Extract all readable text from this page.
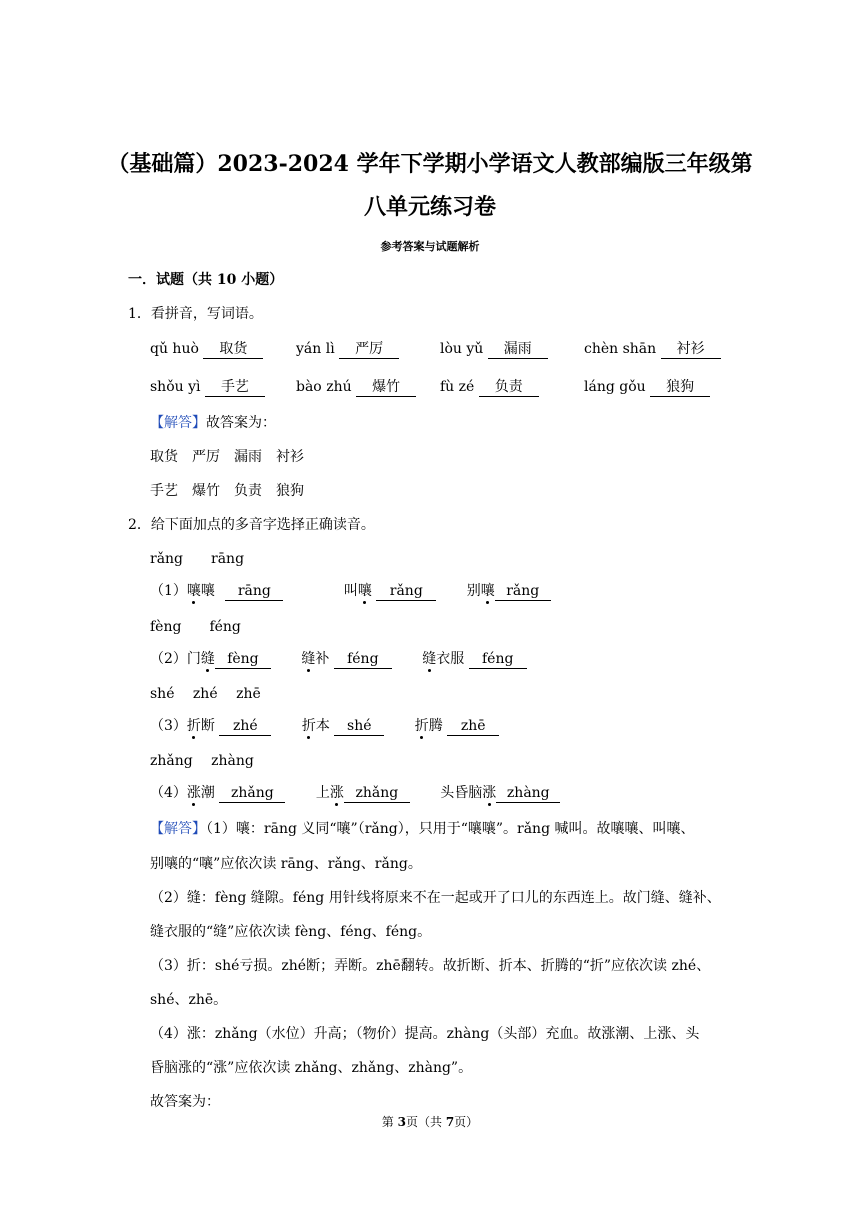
（基础篇）2023-2024 学年下学期小学语文人教部编版三年级第
八单元练习卷
参考答案与试题解析
一．试题（共 10 小题）
1．看拼音，写词语。
qǔ huò 取货	yán lì 严厉	lòu yǔ 漏雨	chèn shān 衬衫
shǒu yì 手艺	bào zhú 爆竹	fù zé 负责	láng gǒu 狼狗
【解答】故答案为：
取货　严厉　漏雨　衬衫
手艺　爆竹　负责　狼狗
2．给下面加点的多音字选择正确读音。
rǎng　　rāng
（1）嚷嚷 rāng	叫嚷 rǎng	别嚷 rǎng
fèng　　féng
（2）门缝 fèng	缝补 féng	缝衣服 féng
shé　 zhé　 zhē
（3）折断 zhé	折本 shé	折腾 zhē
zhǎng　 zhàng
（4）涨潮 zhǎng	上涨 zhǎng	头昏脑涨 zhàng
【解答】（1）嚷：rāng 义同“嚷”（rǎng），只用于“嚷嚷”。rǎng 喊叫。故嚷嚷、叫嚷、
别嚷的“嚷”应依次读 rāng、rǎng、rǎng。
（2）缝：fèng 缝隙。féng 用针线将原来不在一起或开了口儿的东西连上。故门缝、缝补、
缝衣服的“缝”应依次读 fèng、féng、féng。
（3）折：shé亏损。zhé断；弄断。zhē翻转。故折断、折本、折腾的“折”应依次读 zhé、
shé、zhē。
（4）涨：zhǎng（水位）升高；（物价）提高。zhàng（头部）充血。故涨潮、上涨、头
昏脑涨的“涨”应依次读 zhǎng、zhǎng、zhàng”。
故答案为：
第 3页（共 7页）
